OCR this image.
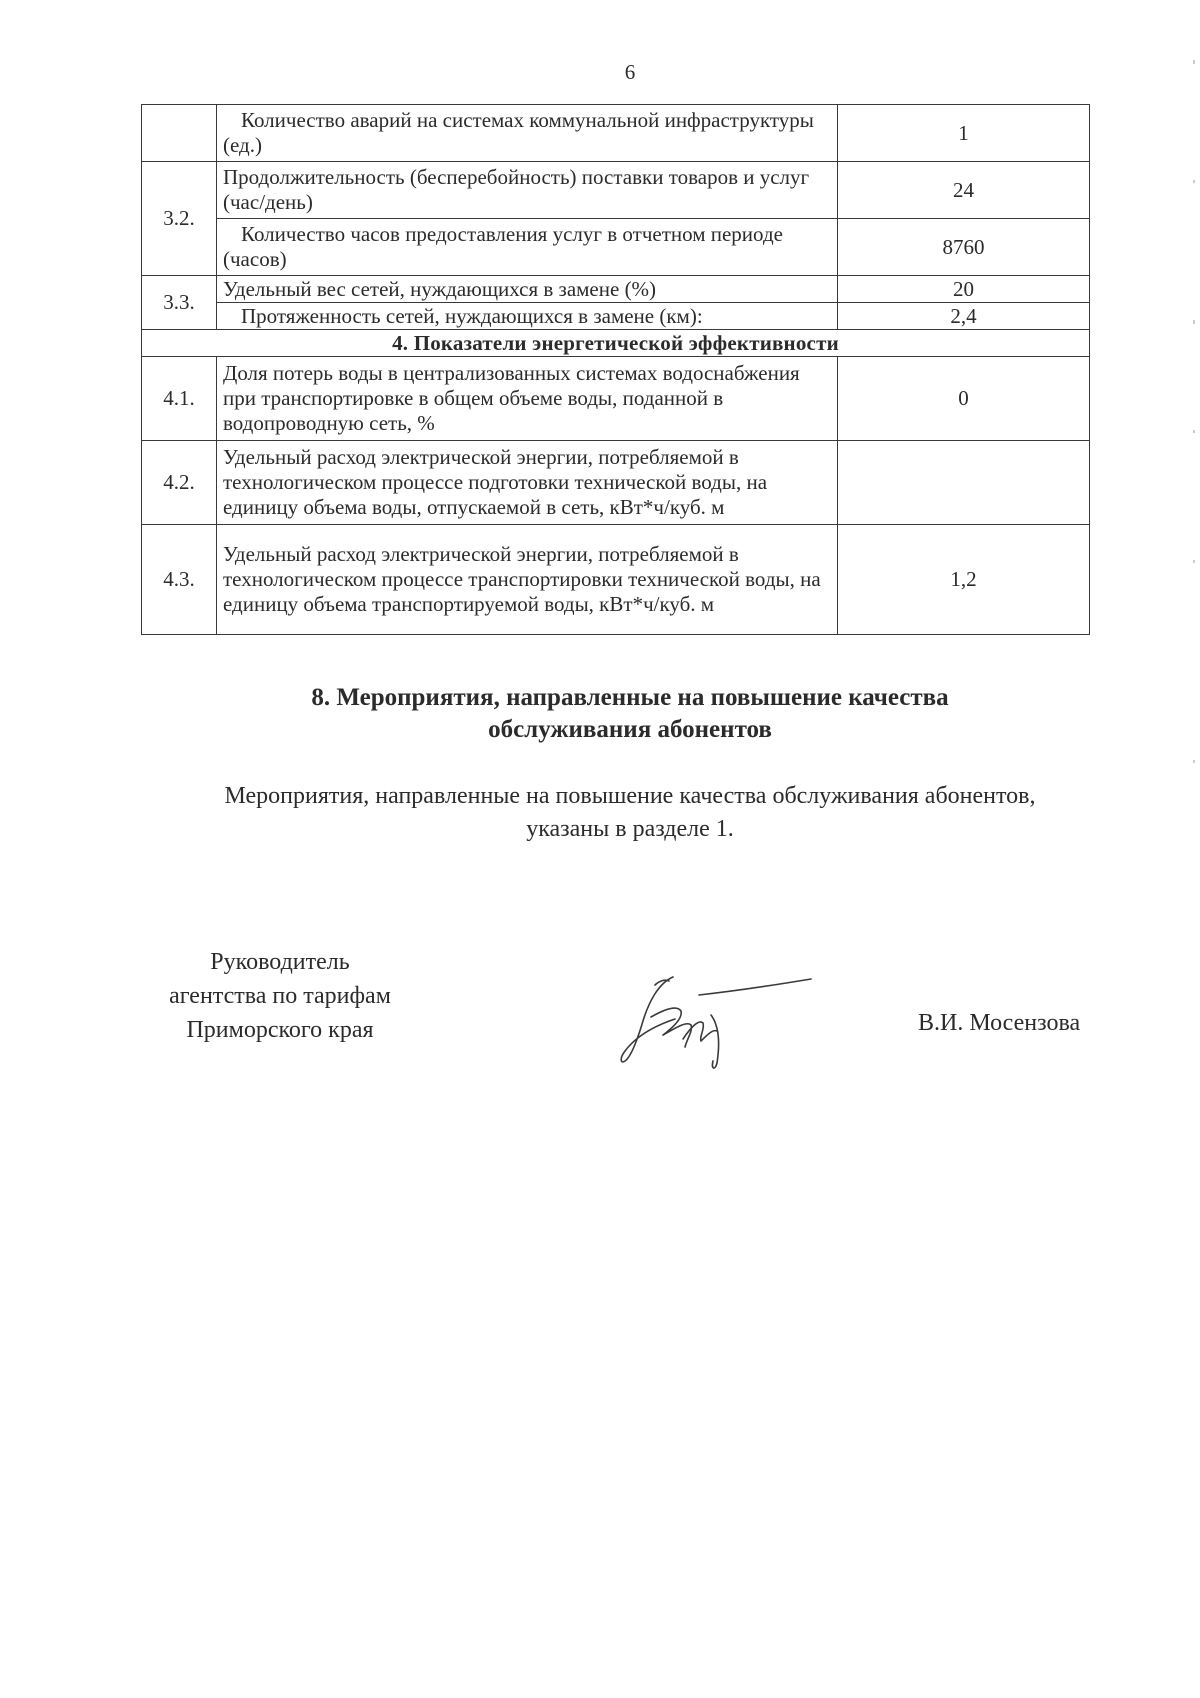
6
	Количество аварий на системах коммунальной инфраструктуры (ед.)	1
3.2.	Продолжительность (бесперебойность) поставки товаров и услуг (час/день)	24
	Количество часов предоставления услуг в отчетном периоде (часов)	8760
3.3.	Удельный вес сетей, нуждающихся в замене (%)	20
	Протяженность сетей, нуждающихся в замене (км):	2,4
4. Показатели энергетической эффективности		
4.1.	Доля потерь воды в централизованных системах водоснабжения при транспортировке в общем объеме воды, поданной в водопроводную сеть, %	0
4.2.	Удельный расход электрической энергии, потребляемой в технологическом процессе подготовки технической воды, на единицу объема воды, отпускаемой в сеть, кВт*ч/куб. м	
4.3.	Удельный расход электрической энергии, потребляемой в технологическом процессе транспортировки технической воды, на единицу объема транспортируемой воды, кВт*ч/куб. м	1,2
8. Мероприятия, направленные на повышение качества обслуживания абонентов
Мероприятия, направленные на повышение качества обслуживания абонентов, указаны в разделе 1.
Руководитель
агентства по тарифам
Приморского края	В.И. Мосензова
